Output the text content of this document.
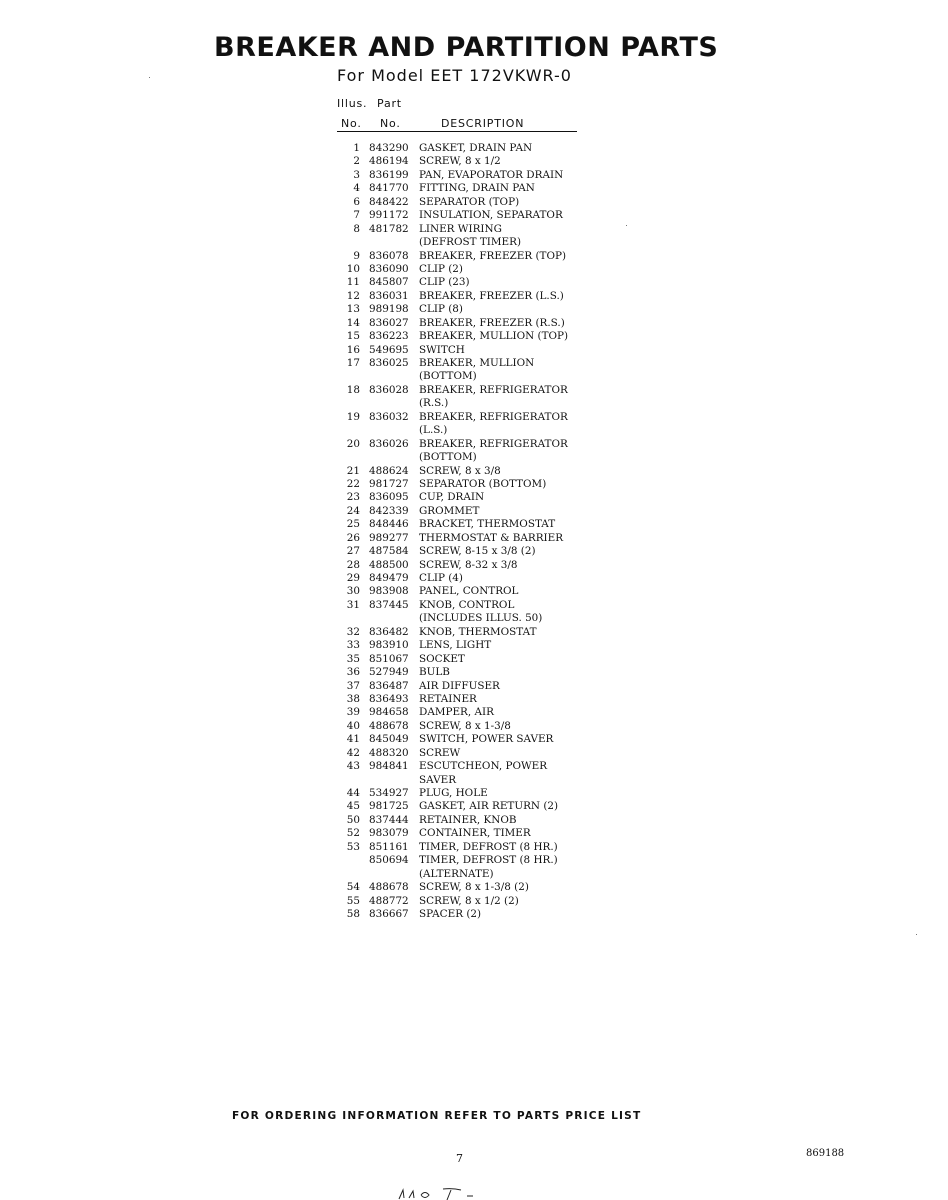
BREAKER AND PARTITION PARTS
For Model EET 172VKWR-0
Illus. Part
No. No.	DESCRIPTION
1 843290 GASKET, DRAIN PAN
2 486194 SCREW, 8 x 1/2
3 836199 PAN, EVAPORATOR DRAIN
4 841770 FITTING, DRAIN PAN
6 848422 SEPARATOR (TOP)
7 991172 INSULATION, SEPARATOR
8 481782 LINER WIRING
(DEFROST TIMER)
9 836078 BREAKER, FREEZER (TOP)
10 836090 CLIP (2)
11 845807 CLIP (23)
12 836031 BREAKER, FREEZER (L.S.)
13 989198 CLIP (8)
14 836027 BREAKER, FREEZER (R.S.)
15 836223 BREAKER, MULLION (TOP)
16 549695 SWITCH
17 836025 BREAKER, MULLION
(BOTTOM)
18 836028 BREAKER, REFRIGERATOR
(R.S.)
19 836032 BREAKER, REFRIGERATOR
(L.S.)
20 836026 BREAKER, REFRIGERATOR
(BOTTOM)
21 488624 SCREW, 8 x 3/8
22 981727 SEPARATOR (BOTTOM)
23 836095 CUP, DRAIN
24 842339 GROMMET
25 848446 BRACKET, THERMOSTAT
26 989277 THERMOSTAT & BARRIER
27 487584 SCREW, 8-15 x 3/8 (2)
28 488500 SCREW, 8-32 x 3/8
29 849479 CLIP (4)
30 983908 PANEL, CONTROL
31 837445 KNOB, CONTROL
(INCLUDES ILLUS. 50)
32 836482 KNOB, THERMOSTAT
33 983910 LENS, LIGHT
35 851067 SOCKET
36 527949 BULB
37 836487 AIR DIFFUSER
38 836493 RETAINER
39 984658 DAMPER, AIR
40 488678 SCREW, 8 x 1-3/8
41 845049 SWITCH, POWER SAVER
42 488320 SCREW
43 984841 ESCUTCHEON, POWER
SAVER
44 534927 PLUG, HOLE
45 981725 GASKET, AIR RETURN (2)
50 837444 RETAINER, KNOB
52 983079 CONTAINER, TIMER
53 851161 TIMER, DEFROST (8 HR.)
850694 TIMER, DEFROST (8 HR.)
(ALTERNATE)
54 488678 SCREW, 8 x 1-3/8 (2)
55 488772 SCREW, 8 x 1/2 (2)
58 836667 SPACER (2)
FOR ORDERING INFORMATION REFER TO PARTS PRICE LIST
7	869188
